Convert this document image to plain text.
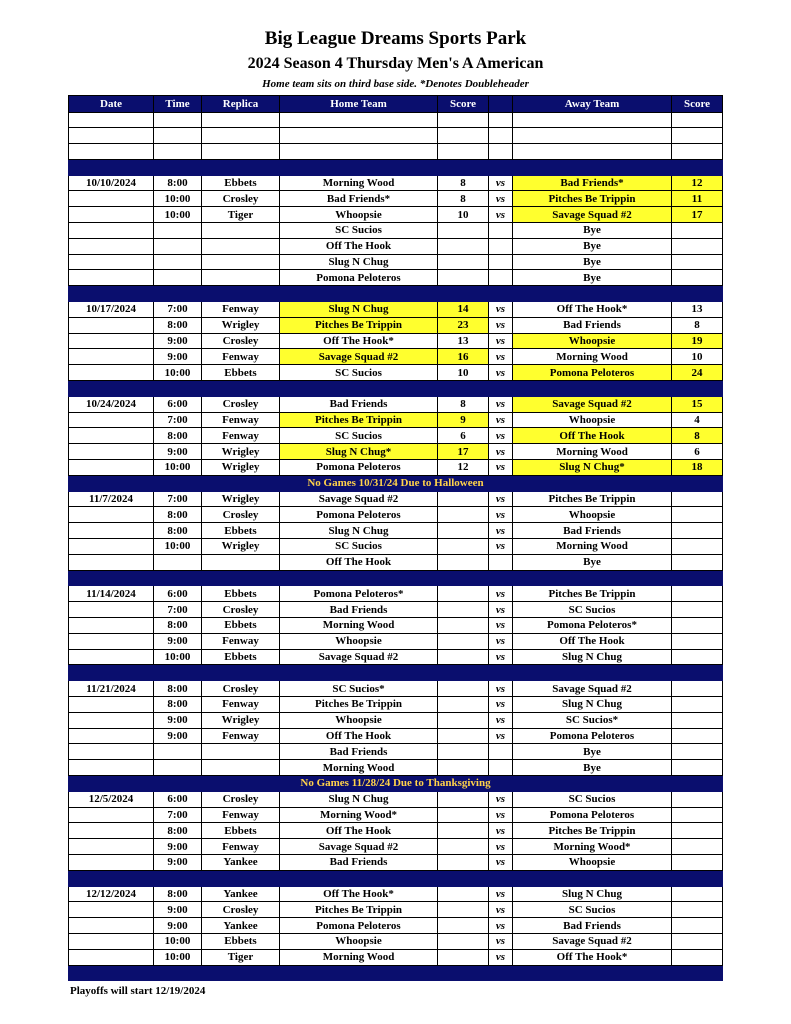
Big League Dreams Sports Park
2024 Season 4 Thursday Men's A American
Home team sits on third base side. *Denotes Doubleheader
Date	Time	Replica	Home Team	Score		Away Team	Score

10/10/2024	8:00	Ebbets	Morning Wood	8	vs	Bad Friends*	12
	10:00	Crosley	Bad Friends*	8	vs	Pitches Be Trippin	11
	10:00	Tiger	Whoopsie	10	vs	Savage Squad #2	17
			SC Sucios			Bye	
			Off The Hook			Bye	
			Slug N Chug			Bye	
			Pomona Peloteros			Bye	

10/17/2024	7:00	Fenway	Slug N Chug	14	vs	Off The Hook*	13
	8:00	Wrigley	Pitches Be Trippin	23	vs	Bad Friends	8
	9:00	Crosley	Off The Hook*	13	vs	Whoopsie	19
	9:00	Fenway	Savage Squad #2	16	vs	Morning Wood	10
	10:00	Ebbets	SC Sucios	10	vs	Pomona Peloteros	24

10/24/2024	6:00	Crosley	Bad Friends	8	vs	Savage Squad #2	15
	7:00	Fenway	Pitches Be Trippin	9	vs	Whoopsie	4
	8:00	Fenway	SC Sucios	6	vs	Off The Hook	8
	9:00	Wrigley	Slug N Chug*	17	vs	Morning Wood	6
	10:00	Wrigley	Pomona Peloteros	12	vs	Slug N Chug*	18
No Games 10/31/24 Due to Halloween							
11/7/2024	7:00	Wrigley	Savage Squad #2		vs	Pitches Be Trippin	
	8:00	Crosley	Pomona Peloteros		vs	Whoopsie	
	8:00	Ebbets	Slug N Chug		vs	Bad Friends	
	10:00	Wrigley	SC Sucios		vs	Morning Wood	
			Off The Hook			Bye	

11/14/2024	6:00	Ebbets	Pomona Peloteros*		vs	Pitches Be Trippin	
	7:00	Crosley	Bad Friends		vs	SC Sucios	
	8:00	Ebbets	Morning Wood		vs	Pomona Peloteros*	
	9:00	Fenway	Whoopsie		vs	Off The Hook	
	10:00	Ebbets	Savage Squad #2		vs	Slug N Chug	

11/21/2024	8:00	Crosley	SC Sucios*		vs	Savage Squad #2	
	8:00	Fenway	Pitches Be Trippin		vs	Slug N Chug	
	9:00	Wrigley	Whoopsie		vs	SC Sucios*	
	9:00	Fenway	Off The Hook		vs	Pomona Peloteros	
			Bad Friends			Bye	
			Morning Wood			Bye	
No Games 11/28/24 Due to Thanksgiving							
12/5/2024	6:00	Crosley	Slug N Chug		vs	SC Sucios	
	7:00	Fenway	Morning Wood*		vs	Pomona Peloteros	
	8:00	Ebbets	Off The Hook		vs	Pitches Be Trippin	
	9:00	Fenway	Savage Squad #2		vs	Morning Wood*	
	9:00	Yankee	Bad Friends		vs	Whoopsie	

12/12/2024	8:00	Yankee	Off The Hook*		vs	Slug N Chug	
	9:00	Crosley	Pitches Be Trippin		vs	SC Sucios	
	9:00	Yankee	Pomona Peloteros		vs	Bad Friends	
	10:00	Ebbets	Whoopsie		vs	Savage Squad #2	
	10:00	Tiger	Morning Wood		vs	Off The Hook*	

Playoffs will start 12/19/2024
